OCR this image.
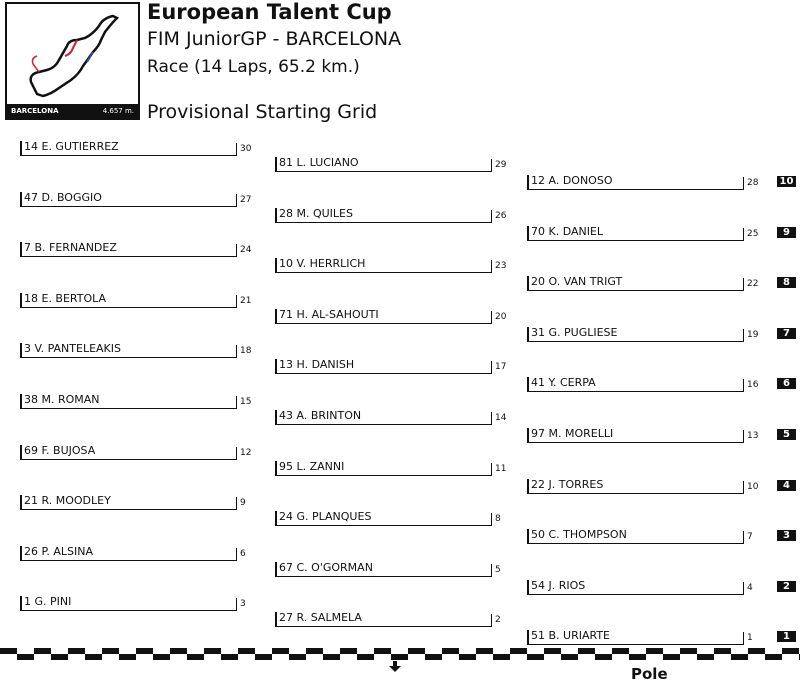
BARCELONA	4.657 m.
European Talent Cup
FIM JuniorGP - BARCELONA
Race (14 Laps, 65.2 km.)
Provisional Starting Grid
14 E. GUTIÉRREZ	30
81 L. LUCIANO	29
12 A. DONOSO	28 10
47 D. BOGGIO	27
28 M. QUILES	26
70 K. DANIEL	25	9
7 B. FERNÁNDEZ	24
10 V. HERRLICH	23
20 O. VAN TRIGT	22	8
18 E. BERTOLA	21
71 H. AL-SAHOUTI	20
31 G. PUGLIESE	19	7
3 V. PANTELEAKIS	18
13 H. DANISH	17
41 Y. CERPA	16	6
38 M. ROMAN	15
43 A. BRINTON	14
97 M. MORELLI	13	5
69 F. BUJOSA	12
95 L. ZANNI	11
22 J. TORRES	10	4
21 R. MOODLEY	9
24 G. PLANQUES	8
50 C. THOMPSON	7	3
26 P. ALSINA	6
67 C. O'GORMAN	5
54 J. RIOS	4	2
1 G. PINI	3
27 R. SALMELA	2
51 B. URIARTE	1	1
Pole
